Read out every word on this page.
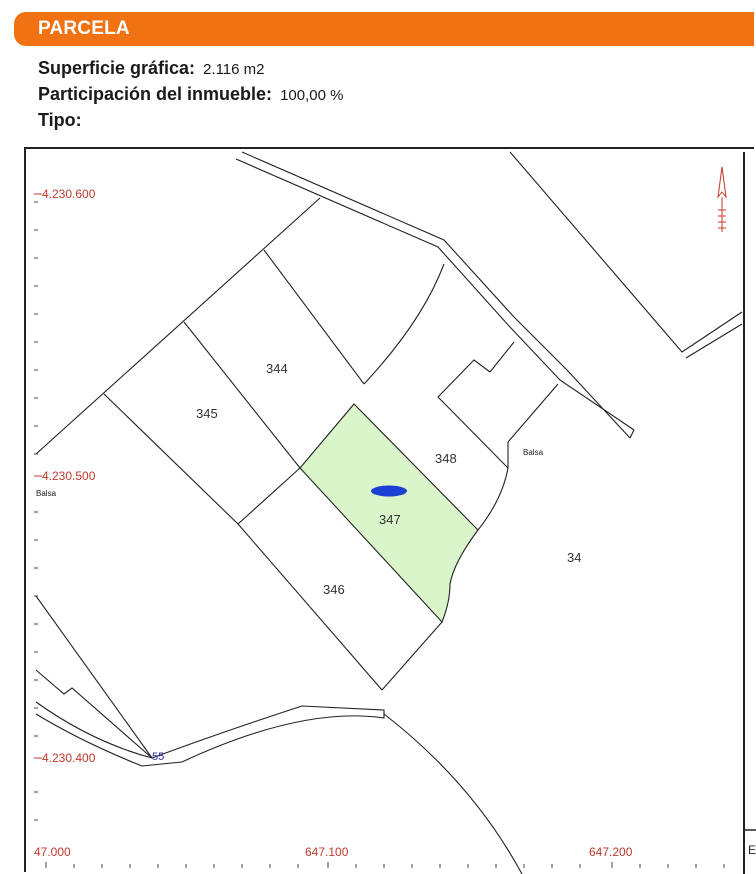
PARCELA
Superficie gráfica: 2.116 m2
Participación del inmueble: 100,00 %
Tipo:
4.230.600
4.230.500
4.230.400
47.000	647.100	647.200
344
345
348
347
346
34
Balsa
Balsa
55
E
